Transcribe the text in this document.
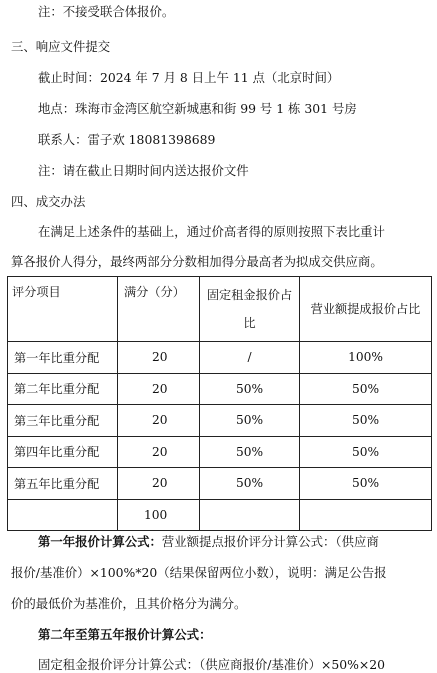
注：不接受联合体报价。
三、响应文件提交
截止时间：2024 年 7 月 8 日上午 11 点（北京时间）
地点：珠海市金湾区航空新城惠和街 99 号 1 栋 301 号房
联系人：雷子欢 18081398689
注：请在截止日期时间内送达报价文件
四、成交办法
在满足上述条件的基础上，通过价高者得的原则按照下表比重计
算各报价人得分，最终两部分分数相加得分最高者为拟成交供应商。
评分项目	满分（分）	固定租金报价占比	营业额提成报价占比
第一年比重分配	20	/	100%
第二年比重分配	20	50%	50%
第三年比重分配	20	50%	50%
第四年比重分配	20	50%	50%
第五年比重分配	20	50%	50%
	100		
第一年报价计算公式：营业额提点报价评分计算公式：（供应商
报价/基准价）×100%*20（结果保留两位小数），说明：满足公告报
价的最低价为基准价，且其价格分为满分。
第二年至第五年报价计算公式：
固定租金报价评分计算公式：（供应商报价/基准价）×50%×20
